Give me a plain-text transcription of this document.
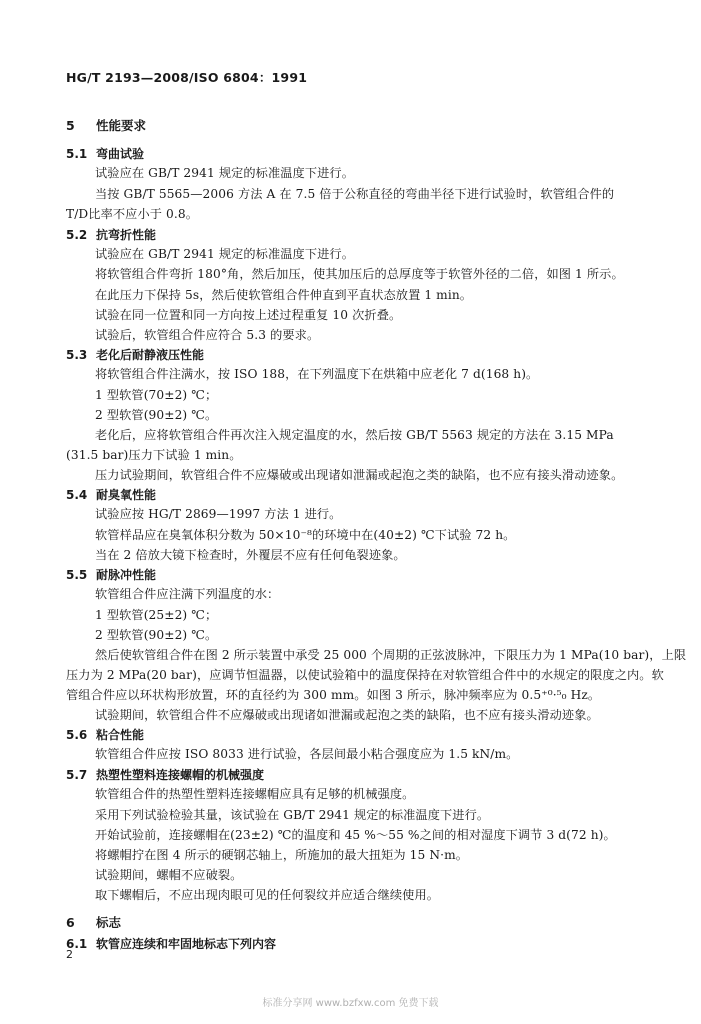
HG/T 2193—2008/ISO 6804：1991
5 性能要求
5.1 弯曲试验
试验应在 GB/T 2941 规定的标准温度下进行。
当按 GB/T 5565—2006 方法 A 在 7.5 倍于公称直径的弯曲半径下进行试验时，软管组合件的
T/D比率不应小于 0.8。
5.2 抗弯折性能
试验应在 GB/T 2941 规定的标准温度下进行。
将软管组合件弯折 180°角，然后加压，使其加压后的总厚度等于软管外径的二倍，如图 1 所示。
在此压力下保持 5s，然后使软管组合件伸直到平直状态放置 1 min。
试验在同一位置和同一方向按上述过程重复 10 次折叠。
试验后，软管组合件应符合 5.3 的要求。
5.3 老化后耐静液压性能
将软管组合件注满水，按 ISO 188，在下列温度下在烘箱中应老化 7 d(168 h)。
1 型软管(70±2) ℃；
2 型软管(90±2) ℃。
老化后，应将软管组合件再次注入规定温度的水，然后按 GB/T 5563 规定的方法在 3.15 MPa
(31.5 bar)压力下试验 1 min。
压力试验期间，软管组合件不应爆破或出现诸如泄漏或起泡之类的缺陷，也不应有接头滑动迹象。
5.4 耐臭氧性能
试验应按 HG/T 2869—1997 方法 1 进行。
软管样品应在臭氧体积分数为 50×10⁻⁸的环境中在(40±2) ℃下试验 72 h。
当在 2 倍放大镜下检查时，外覆层不应有任何龟裂迹象。
5.5 耐脉冲性能
软管组合件应注满下列温度的水：
1 型软管(25±2) ℃；
2 型软管(90±2) ℃。
然后使软管组合件在图 2 所示装置中承受 25 000 个周期的正弦波脉冲，下限压力为 1 MPa(10 bar)，上限
压力为 2 MPa(20 bar)，应调节恒温器，以使试验箱中的温度保持在对软管组合件中的水规定的限度之内。软
管组合件应以环状构形放置，环的直径约为 300 mm。如图 3 所示，脉冲频率应为 0.5⁺⁰·⁵₀ Hz。
试验期间，软管组合件不应爆破或出现诸如泄漏或起泡之类的缺陷，也不应有接头滑动迹象。
5.6 粘合性能
软管组合件应按 ISO 8033 进行试验，各层间最小粘合强度应为 1.5 kN/m。
5.7 热塑性塑料连接螺帽的机械强度
软管组合件的热塑性塑料连接螺帽应具有足够的机械强度。
采用下列试验检验其量，该试验在 GB/T 2941 规定的标准温度下进行。
开始试验前，连接螺帽在(23±2) ℃的温度和 45 %～55 %之间的相对湿度下调节 3 d(72 h)。
将螺帽拧在图 4 所示的硬钢芯轴上，所施加的最大扭矩为 15 N·m。
试验期间，螺帽不应破裂。
取下螺帽后，不应出现肉眼可见的任何裂纹并应适合继续使用。
6 标志
6.1 软管应连续和牢固地标志下列内容
2
标准分享网 www.bzfxw.com 免费下载
